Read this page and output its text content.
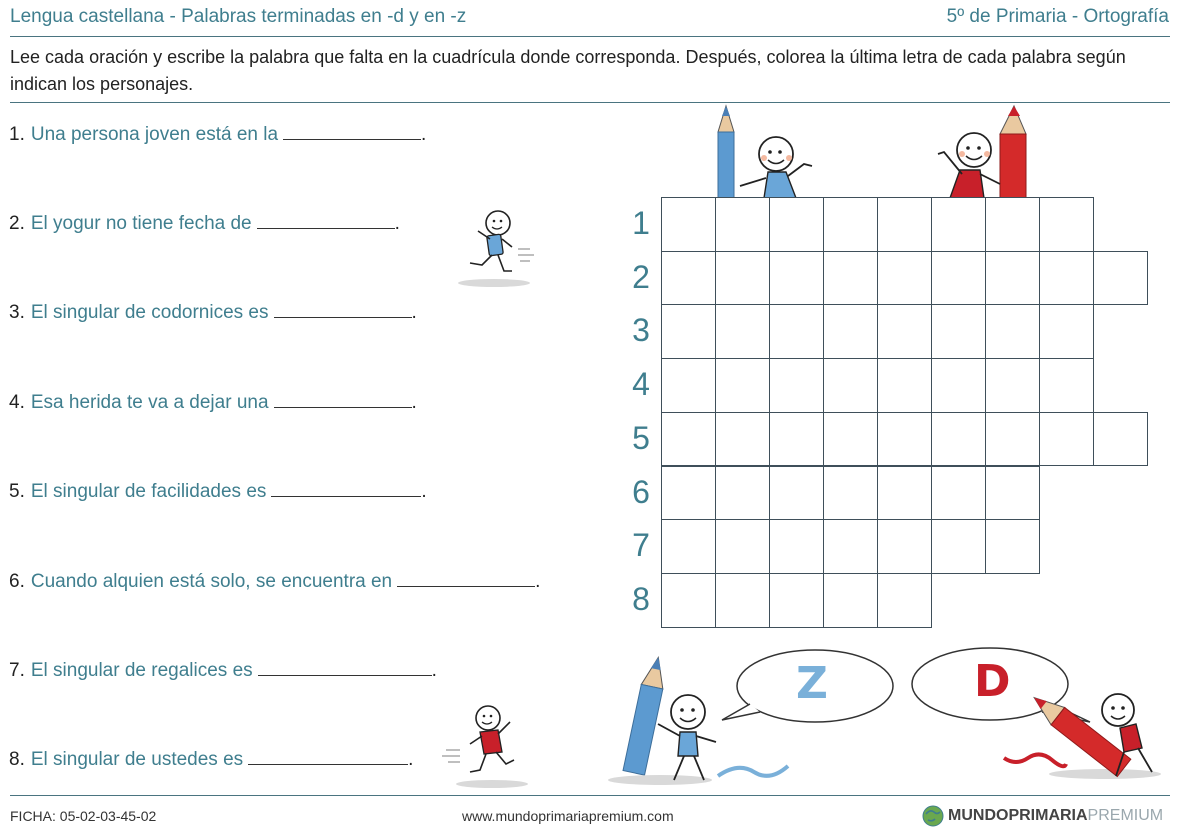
Lengua castellana - Palabras terminadas en -d y en -z	5º de Primaria - Ortografía
Lee cada oración y escribe la palabra que falta en la cuadrícula donde corresponda. Después, colorea la última letra de cada palabra según indican los personajes.
1. Una persona joven está en la	.
2. El yogur no tiene fecha de	.
3. El singular de codornices es	.
4. Esa herida te va a dejar una	.
5. El singular de facilidades es	.
6. Cuando alquien está solo, se encuentra en	.
7. El singular de regalices es	.
8. El singular de ustedes es	.
1
2
3
4
5
6
7
8
Z	D
FICHA: 05-02-03-45-02	www.mundoprimariapremium.com	MUNDOPRIMARIA PREMIUM
